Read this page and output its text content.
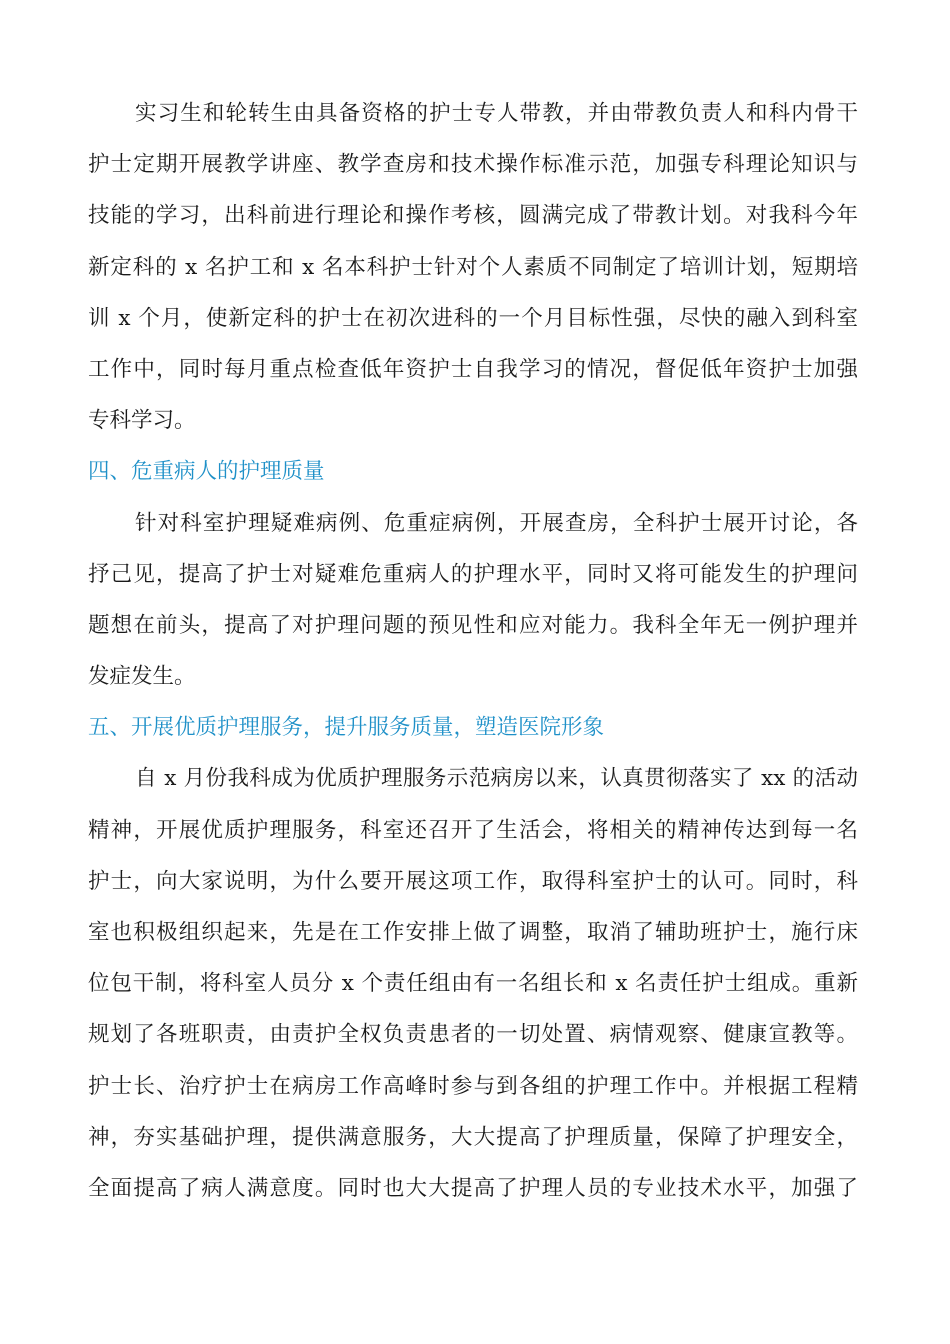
实习生和轮转生由具备资格的护士专人带教，并由带教负责人和科内骨干
护士定期开展教学讲座、教学查房和技术操作标准示范，加强专科理论知识与
技能的学习，出科前进行理论和操作考核，圆满完成了带教计划。对我科今年
新定科的 x 名护工和 x 名本科护士针对个人素质不同制定了培训计划，短期培
训 x 个月，使新定科的护士在初次进科的一个月目标性强，尽快的融入到科室
工作中，同时每月重点检查低年资护士自我学习的情况，督促低年资护士加强
专科学习。
四、危重病人的护理质量
针对科室护理疑难病例、危重症病例，开展查房，全科护士展开讨论，各
抒己见，提高了护士对疑难危重病人的护理水平，同时又将可能发生的护理问
题想在前头，提高了对护理问题的预见性和应对能力。我科全年无一例护理并
发症发生。
五、开展优质护理服务，提升服务质量，塑造医院形象
自 x 月份我科成为优质护理服务示范病房以来，认真贯彻落实了 xx 的活动
精神，开展优质护理服务，科室还召开了生活会，将相关的精神传达到每一名
护士，向大家说明，为什么要开展这项工作，取得科室护士的认可。同时，科
室也积极组织起来，先是在工作安排上做了调整，取消了辅助班护士，施行床
位包干制，将科室人员分 x 个责任组由有一名组长和 x 名责任护士组成。重新
规划了各班职责，由责护全权负责患者的一切处置、病情观察、健康宣教等。
护士长、治疗护士在病房工作高峰时参与到各组的护理工作中。并根据工程精
神，夯实基础护理，提供满意服务，大大提高了护理质量，保障了护理安全，
全面提高了病人满意度。同时也大大提高了护理人员的专业技术水平，加强了
